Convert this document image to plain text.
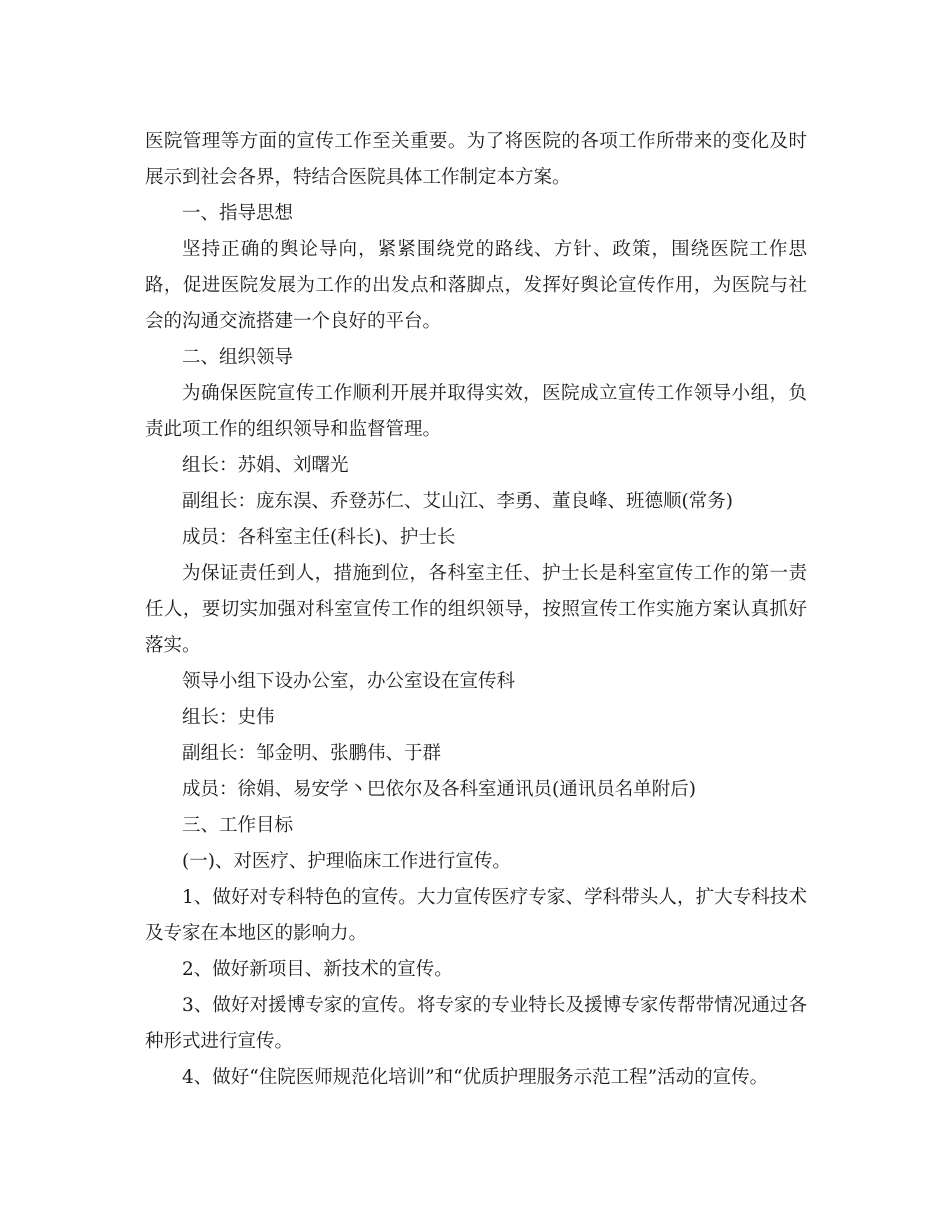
医院管理等方面的宣传工作至关重要。为了将医院的各项工作所带来的变化及时展示到社会各界，特结合医院具体工作制定本方案。

一、指导思想

坚持正确的舆论导向，紧紧围绕党的路线、方针、政策，围绕医院工作思路，促进医院发展为工作的出发点和落脚点，发挥好舆论宣传作用，为医院与社会的沟通交流搭建一个良好的平台。

二、组织领导

为确保医院宣传工作顺利开展并取得实效，医院成立宣传工作领导小组，负责此项工作的组织领导和监督管理。

组长：苏娟、刘曙光

副组长：庞东淏、乔登苏仁、艾山江、李勇、董良峰、班德顺(常务)

成员：各科室主任(科长)、护士长

为保证责任到人，措施到位，各科室主任、护士长是科室宣传工作的第一责任人，要切实加强对科室宣传工作的组织领导，按照宣传工作实施方案认真抓好落实。

领导小组下设办公室，办公室设在宣传科

组长：史伟

副组长：邹金明、张鹏伟、于群

成员：徐娟、易安学丶巴依尔及各科室通讯员(通讯员名单附后)

三、工作目标

(一)、对医疗、护理临床工作进行宣传。

1、做好对专科特色的宣传。大力宣传医疗专家、学科带头人，扩大专科技术及专家在本地区的影响力。

2、做好新项目、新技术的宣传。

3、做好对援博专家的宣传。将专家的专业特长及援博专家传帮带情况通过各种形式进行宣传。

4、做好“住院医师规范化培训”和“优质护理服务示范工程”活动的宣传。
